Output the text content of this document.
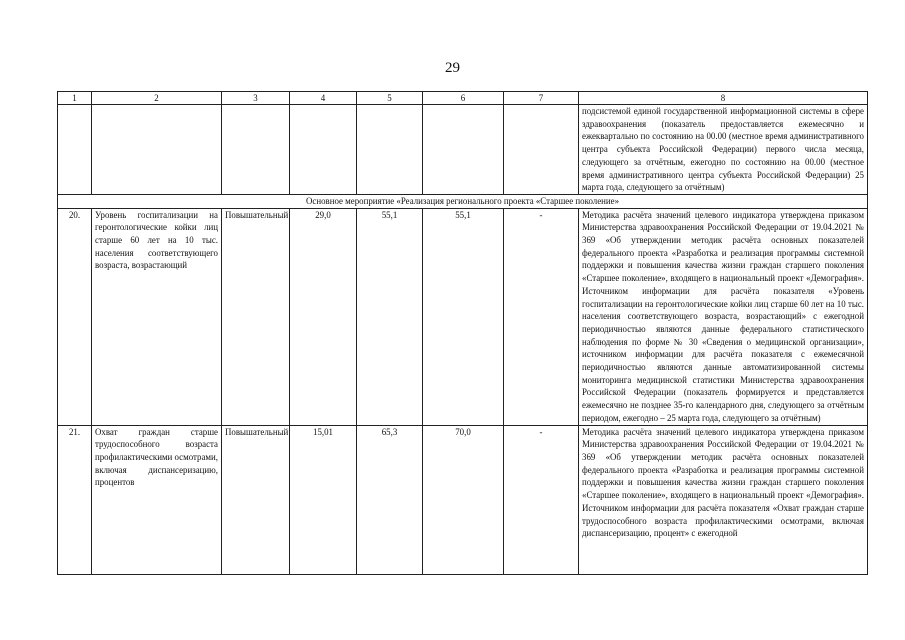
29
1	2	3	4	5	6	7	8
							подсистемой единой государственной информационной системы в сфере здравоохранения (показатель предоставляется ежемесячно и ежеквартально по состоянию на 00.00 (местное время административного центра субъекта Российской Федерации) первого числа месяца, следующего за отчётным, ежегодно по состоянию на 00.00 (местное время административного центра субъекта Российской Федерации) 25 марта года, следующего за отчётным)
Основное мероприятие «Реализация регионального проекта «Старшее поколение»							
20.	Уровень госпитализации на геронтологические койки лиц старше 60 лет на 10 тыс. населения соответствующего возраста, возрастающий	Повышательный	29,0	55,1	55,1	-	Методика расчёта значений целевого индикатора утверждена приказом Министерства здравоохранения Российской Федерации от 19.04.2021 № 369 «Об утверждении методик расчёта основных показателей федерального проекта «Разработка и реализация программы системной поддержки и повышения качества жизни граждан старшего поколения «Старшее поколение», входящего в национальный проект «Демография». Источником информации для расчёта показателя «Уровень госпитализации на геронтологические койки лиц старше 60 лет на 10 тыс. населения соответствующего возраста, возрастающий» с ежегодной периодичностью являются данные федерального статистического наблюдения по форме № 30 «Сведения о медицинской организации», источником информации для расчёта показателя с ежемесячной периодичностью являются данные автоматизированной системы мониторинга медицинской статистики Министерства здравоохранения Российской Федерации (показатель формируется и представляется ежемесячно не позднее 35-го календарного дня, следующего за отчётным периодом, ежегодно – 25 марта года, следующего за отчётным)
21.	Охват граждан старше трудоспособного возраста профилактическими осмотрами, включая диспансеризацию, процентов	Повышательный	15,01	65,3	70,0	-	Методика расчёта значений целевого индикатора утверждена приказом Министерства здравоохранения Российской Федерации от 19.04.2021 № 369 «Об утверждении методик расчёта основных показателей федерального проекта «Разработка и реализация программы системной поддержки и повышения качества жизни граждан старшего поколения «Старшее поколение», входящего в национальный проект «Демография». Источником информации для расчёта показателя «Охват граждан старше трудоспособного возраста профилактическими осмотрами, включая диспансеризацию, процент» с ежегодной
